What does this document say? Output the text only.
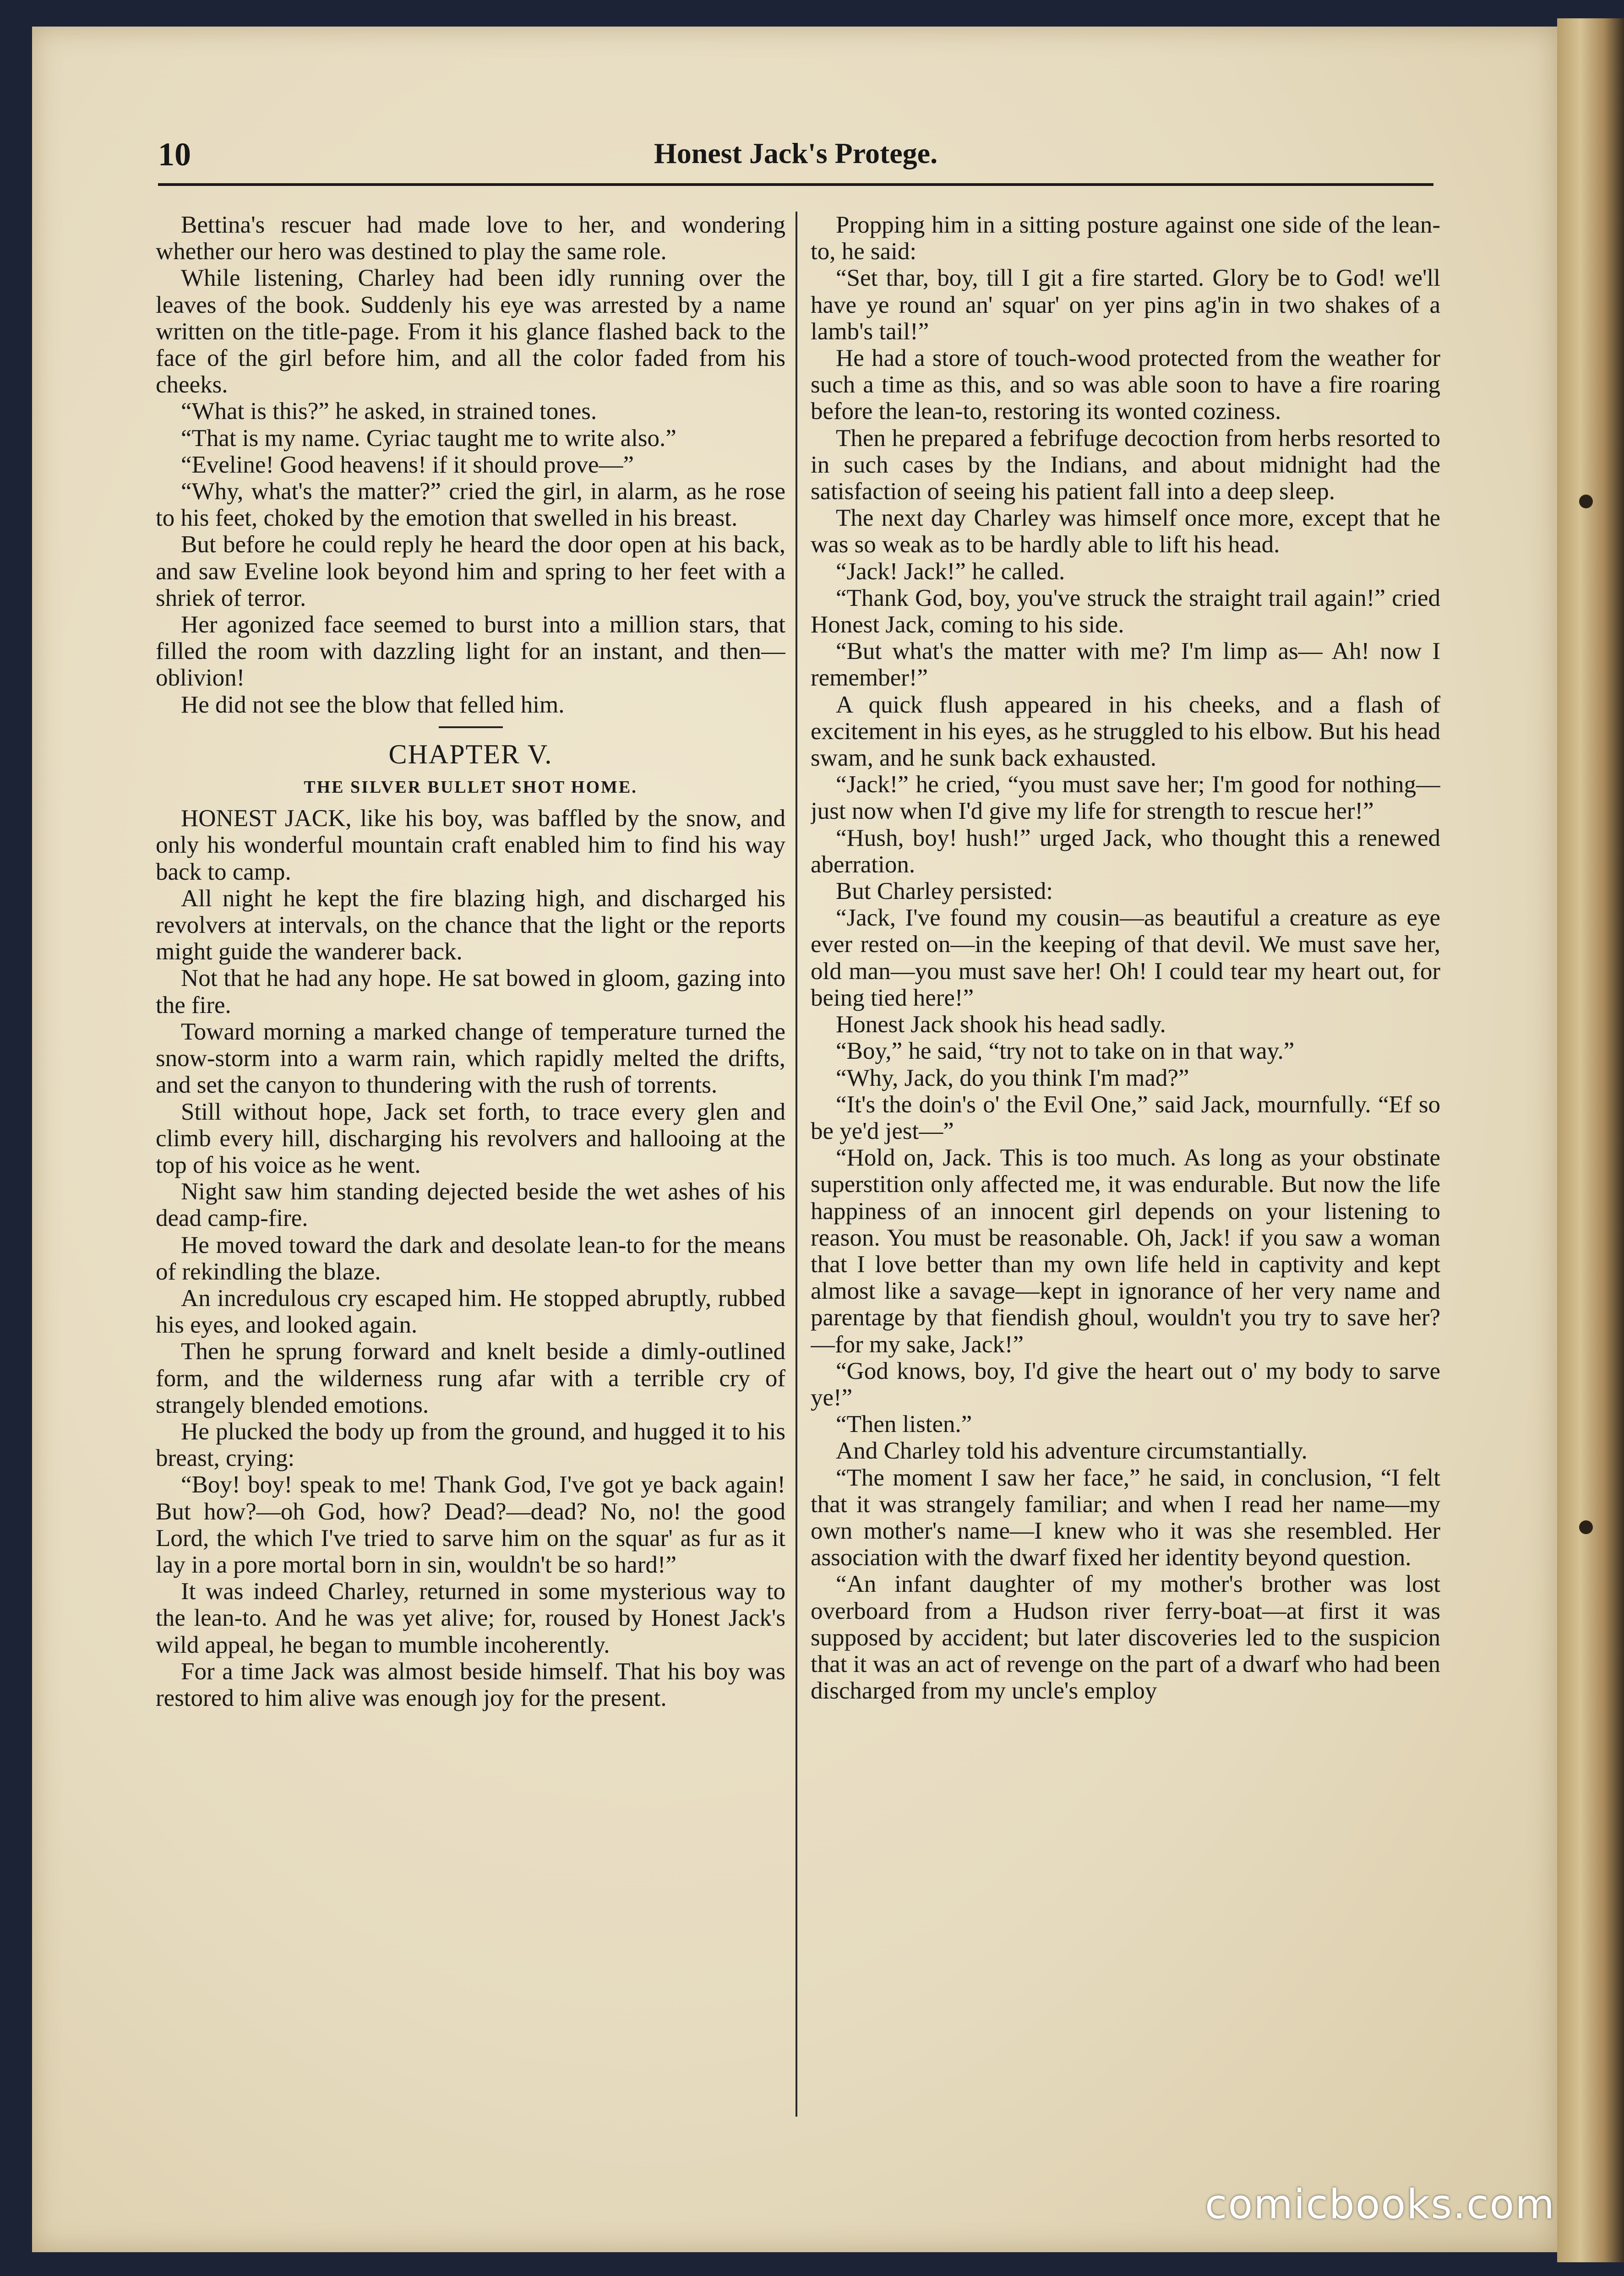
10	Honest Jack's Protege.

Bettina's rescuer had made love to her, and wondering whether our hero was destined to play the same role.

While listening, Charley had been idly running over the leaves of the book. Suddenly his eye was arrested by a name written on the title-page. From it his glance flashed back to the face of the girl before him, and all the color faded from his cheeks.

“What is this?” he asked, in strained tones.

“That is my name. Cyriac taught me to write also.”

“Eveline! Good heavens! if it should prove—”

“Why, what's the matter?” cried the girl, in alarm, as he rose to his feet, choked by the emotion that swelled in his breast.

But before he could reply he heard the door open at his back, and saw Eveline look beyond him and spring to her feet with a shriek of terror.

Her agonized face seemed to burst into a million stars, that filled the room with dazzling light for an instant, and then—oblivion!

He did not see the blow that felled him.

CHAPTER V.
THE SILVER BULLET SHOT HOME.

HONEST JACK, like his boy, was baffled by the snow, and only his wonderful mountain craft enabled him to find his way back to camp.

All night he kept the fire blazing high, and discharged his revolvers at intervals, on the chance that the light or the reports might guide the wanderer back.

Not that he had any hope. He sat bowed in gloom, gazing into the fire.

Toward morning a marked change of temperature turned the snow-storm into a warm rain, which rapidly melted the drifts, and set the canyon to thundering with the rush of torrents.

Still without hope, Jack set forth, to trace every glen and climb every hill, discharging his revolvers and hallooing at the top of his voice as he went.

Night saw him standing dejected beside the wet ashes of his dead camp-fire.

He moved toward the dark and desolate lean-to for the means of rekindling the blaze.

An incredulous cry escaped him. He stopped abruptly, rubbed his eyes, and looked again.

Then he sprung forward and knelt beside a dimly-outlined form, and the wilderness rung afar with a terrible cry of strangely blended emotions.

He plucked the body up from the ground, and hugged it to his breast, crying:

“Boy! boy! speak to me! Thank God, I've got ye back again! But how?—oh God, how? Dead?—dead? No, no! the good Lord, the which I've tried to sarve him on the squar' as fur as it lay in a pore mortal born in sin, wouldn't be so hard!”

It was indeed Charley, returned in some mysterious way to the lean-to. And he was yet alive; for, roused by Honest Jack's wild appeal, he began to mumble incoherently.

For a time Jack was almost beside himself. That his boy was restored to him alive was enough joy for the present.

Propping him in a sitting posture against one side of the lean-to, he said:

“Set thar, boy, till I git a fire started. Glory be to God! we'll have ye round an' squar' on yer pins ag'in in two shakes of a lamb's tail!”

He had a store of touch-wood protected from the weather for such a time as this, and so was able soon to have a fire roaring before the lean-to, restoring its wonted coziness.

Then he prepared a febrifuge decoction from herbs resorted to in such cases by the Indians, and about midnight had the satisfaction of seeing his patient fall into a deep sleep.

The next day Charley was himself once more, except that he was so weak as to be hardly able to lift his head.

“Jack! Jack!” he called.

“Thank God, boy, you've struck the straight trail again!” cried Honest Jack, coming to his side.

“But what's the matter with me? I'm limp as— Ah! now I remember!”

A quick flush appeared in his cheeks, and a flash of excitement in his eyes, as he struggled to his elbow. But his head swam, and he sunk back exhausted.

“Jack!” he cried, “you must save her; I'm good for nothing—just now when I'd give my life for strength to rescue her!”

“Hush, boy! hush!” urged Jack, who thought this a renewed aberration.

But Charley persisted:

“Jack, I've found my cousin—as beautiful a creature as eye ever rested on—in the keeping of that devil. We must save her, old man—you must save her! Oh! I could tear my heart out, for being tied here!”

Honest Jack shook his head sadly.

“Boy,” he said, “try not to take on in that way.”

“Why, Jack, do you think I'm mad?”

“It's the doin's o' the Evil One,” said Jack, mournfully. “Ef so be ye'd jest—”

“Hold on, Jack. This is too much. As long as your obstinate superstition only affected me, it was endurable. But now the life happiness of an innocent girl depends on your listening to reason. You must be reasonable. Oh, Jack! if you saw a woman that I love better than my own life held in captivity and kept almost like a savage—kept in ignorance of her very name and parentage by that fiendish ghoul, wouldn't you try to save her?—for my sake, Jack!”

“God knows, boy, I'd give the heart out o' my body to sarve ye!”

“Then listen.”

And Charley told his adventure circumstantially.

“The moment I saw her face,” he said, in conclusion, “I felt that it was strangely familiar; and when I read her name—my own mother's name—I knew who it was she resembled. Her association with the dwarf fixed her identity beyond question.

“An infant daughter of my mother's brother was lost overboard from a Hudson river ferry-boat—at first it was supposed by accident; but later discoveries led to the suspicion that it was an act of revenge on the part of a dwarf who had been discharged from my uncle's employ

comicbooks.com
